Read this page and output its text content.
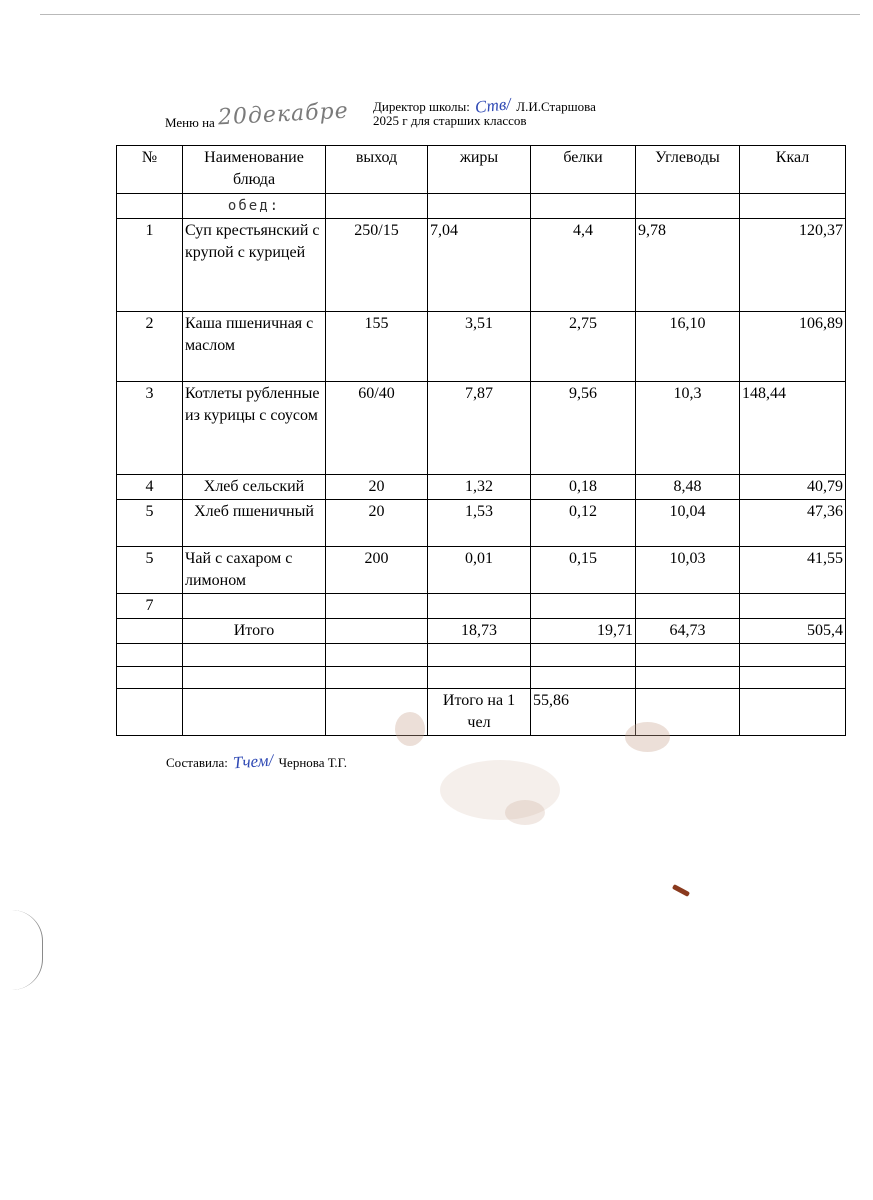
Меню на 20декабре Директор школы: Ств/ Л.И.Старшова
2025 г для старших классов
№	Наименование блюда	выход	жиры	белки	Углеводы	Ккал
	обед:					
1	Суп крестьянский с крупой с курицей	250/15	7,04	4,4	9,78	120,37
2	Каша пшеничная с маслом	155	3,51	2,75	16,10	106,89
3	Котлеты рубленные из курицы с соусом	60/40	7,87	9,56	10,3	148,44
4	Хлеб сельский	20	1,32	0,18	8,48	40,79
5	Хлеб пшеничный	20	1,53	0,12	10,04	47,36
5	Чай с сахаром с лимоном	200	0,01	0,15	10,03	41,55
7						
	Итого		18,73	19,71	64,73	505,4

			Итого на 1 чел	55,86		
Составила: Тчем/ Чернова Т.Г.
